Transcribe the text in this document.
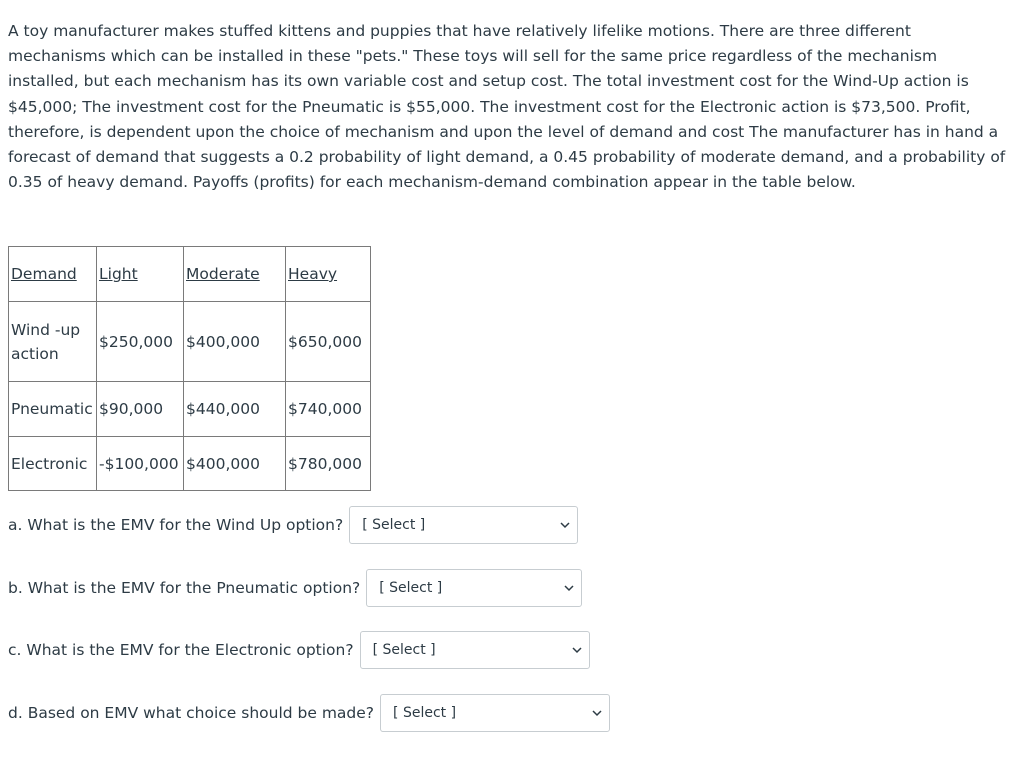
A toy manufacturer makes stuffed kittens and puppies that have relatively lifelike motions. There are three different mechanisms which can be installed in these "pets." These toys will sell for the same price regardless of the mechanism installed, but each mechanism has its own variable cost and setup cost. The total investment cost for the Wind-Up action is $45,000; The investment cost for the Pneumatic is $55,000. The investment cost for the Electronic action is $73,500. Profit, therefore, is dependent upon the choice of mechanism and upon the level of demand and cost The manufacturer has in hand a forecast of demand that suggests a 0.2 probability of light demand, a 0.45 probability of moderate demand, and a probability of 0.35 of heavy demand. Payoffs (profits) for each mechanism-demand combination appear in the table below.

Demand	Light	Moderate	Heavy
Wind -up action	$250,000	$400,000	$650,000
Pneumatic	$90,000	$440,000	$740,000
Electronic	-$100,000	$400,000	$780,000
a. What is the EMV for the Wind Up option? [ Select ]
b. What is the EMV for the Pneumatic option? [ Select ]
c. What is the EMV for the Electronic option? [ Select ]
d. Based on EMV what choice should be made? [ Select ]
